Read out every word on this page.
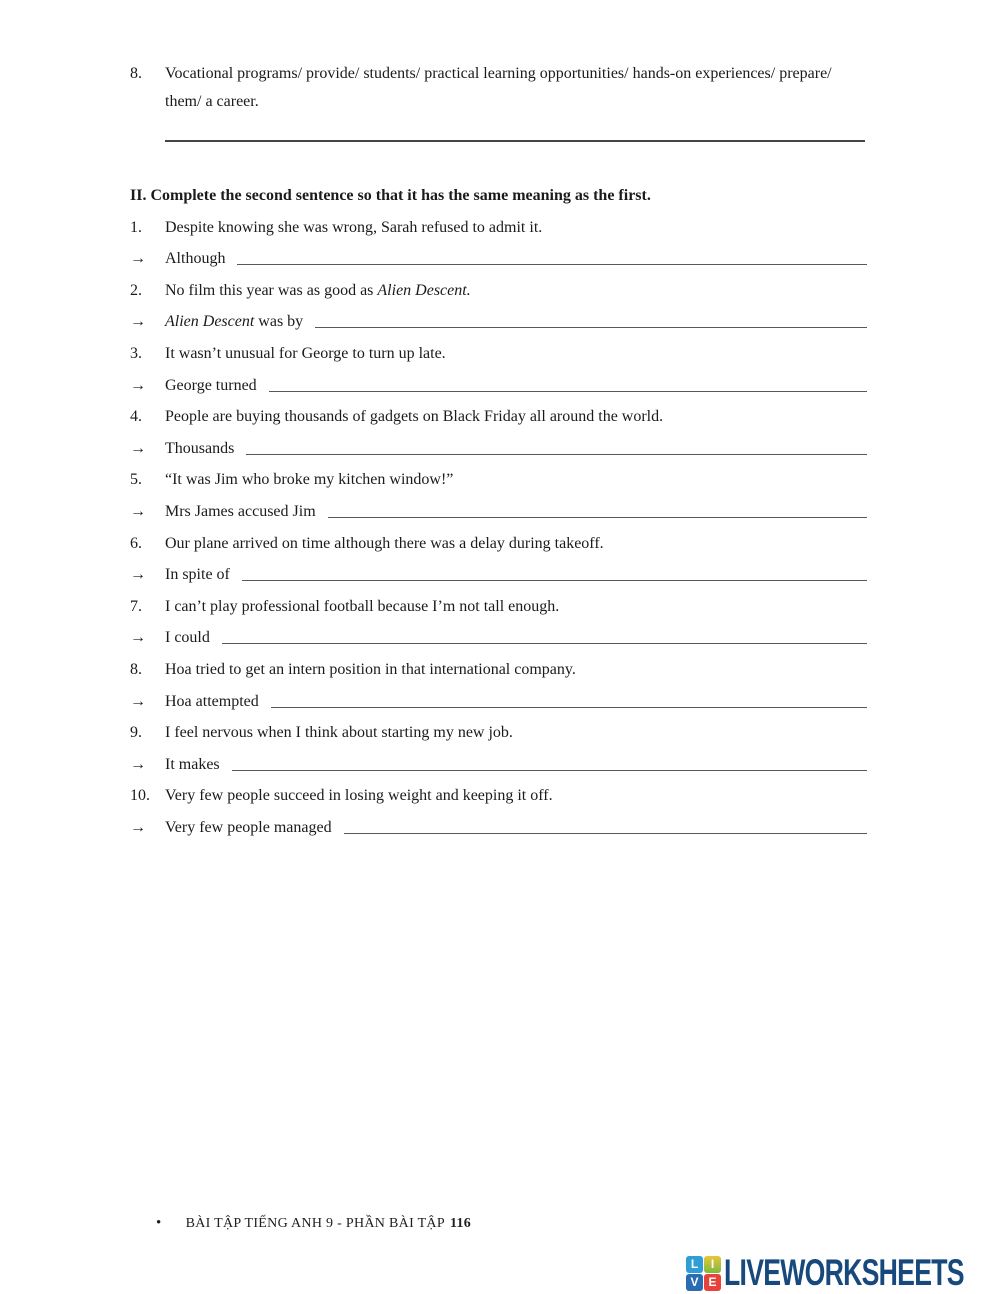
8.	Vocational programs/ provide/ students/ practical learning opportunities/ hands-on experiences/ prepare/ them/ a career.
II. Complete the second sentence so that it has the same meaning as the first.
1.	Despite knowing she was wrong, Sarah refused to admit it.
→	Although
2.	No film this year was as good as Alien Descent.
→	Alien Descent was by
3.	It wasn’t unusual for George to turn up late.
→	George turned
4.	People are buying thousands of gadgets on Black Friday all around the world.
→	Thousands
5.	“It was Jim who broke my kitchen window!”
→	Mrs James accused Jim
6.	Our plane arrived on time although there was a delay during takeoff.
→	In spite of
7.	I can’t play professional football because I’m not tall enough.
→	I could
8.	Hoa tried to get an intern position in that international company.
→	Hoa attempted
9.	I feel nervous when I think about starting my new job.
→	It makes
10. Very few people succeed in losing weight and keeping it off.
→	Very few people managed
• BÀI TẬP TIẾNG ANH 9 - PHẦN BÀI TẬP 116
L	I
V E LIVEWORKSHEETS
